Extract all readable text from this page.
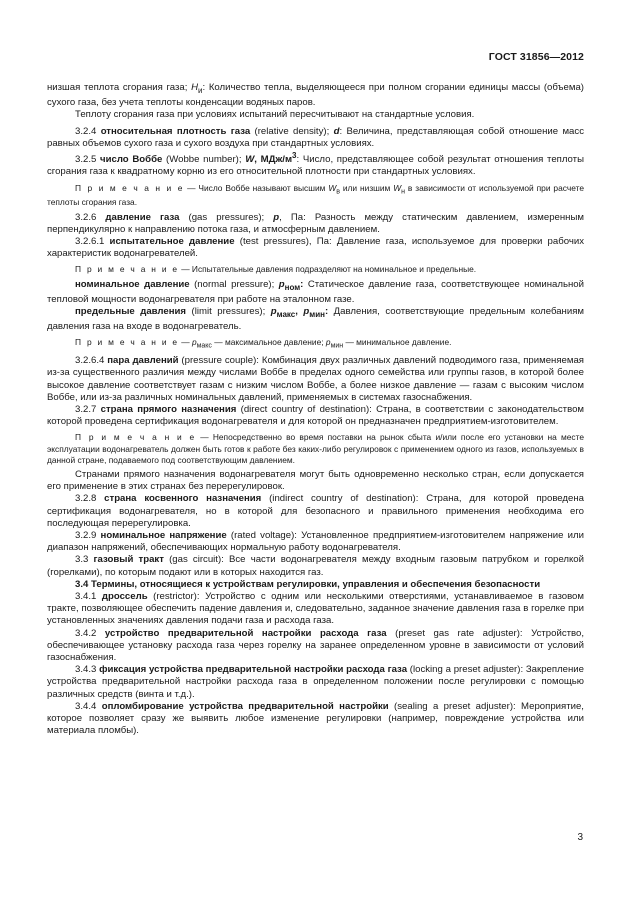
ГОСТ 31856—2012

низшая теплота сгорания газа; $H_и$: Количество тепла, выделяющееся при полном сгорании единицы массы (объема) сухого газа, без учета теплоты конденсации водяных паров.

Теплоту сгорания газа при условиях испытаний пересчитывают на стандартные условия.

3.2.4 относительная плотность газа (relative density); d: Величина, представляющая собой отношение масс равных объемов сухого газа и сухого воздуха при стандартных условиях.

3.2.5 число Воббе (Wobbe number); W, МДж/$м^3$: Число, представляющее собой результат отношения теплоты сгорания газа к квадратному корню из его относительной плотности при стандартных условиях.

П р и м е ч а н и е — Число Воббе называют высшим $W_в$ или низшим $W_н$ в зависимости от используемой при расчете теплоты сгорания газа.

3.2.6 давление газа (gas pressures); p, Па: Разность между статическим давлением, измеренным перпендикулярно к направлению потока газа, и атмосферным давлением.

3.2.6.1 испытательное давление (test pressures), Па: Давление газа, используемое для проверки рабочих характеристик водонагревателей.

П р и м е ч а н и е — Испытательные давления подразделяют на номинальное и предельные.

номинальное давление (normal pressure); $p_{ном}$: Статическое давление газа, соответствующее номинальной тепловой мощности водонагревателя при работе на эталонном газе.

предельные давления (limit pressures); $p_{макс}$, $p_{мин}$: Давления, соответствующие предельным колебаниям давления газа на входе в водонагреватель.

П р и м е ч а н и е — $p_{макс}$ — максимальное давление; $p_{мин}$ — минимальное давление.

3.2.6.4 пара давлений (pressure couple): Комбинация двух различных давлений подводимого газа, применяемая из-за существенного различия между числами Воббе в пределах одного семейства или группы газов, в которой более высокое давление соответствует газам с низким числом Воббе, а более низкое давление — газам с высоким числом Воббе, или из-за различных номинальных давлений, применяемых в системах газоснабжения.

3.2.7 страна прямого назначения (direct country of destination): Страна, в соответствии с законодательством которой проведена сертификация водонагревателя и для которой он предназначен предприятием-изготовителем.

П р и м е ч а н и е — Непосредственно во время поставки на рынок сбыта и/или после его установки на месте эксплуатации водонагреватель должен быть готов к работе без каких-либо регулировок с применением одного из газов, используемых в данной стране, подаваемого под соответствующим давлением.

Странами прямого назначения водонагревателя могут быть одновременно несколько стран, если допускается его применение в этих странах без перерегулировок.

3.2.8 страна косвенного назначения (indirect country of destination): Страна, для которой проведена сертификация водонагревателя, но в которой для безопасного и правильного применения необходима его последующая перерегулировка.

3.2.9 номинальное напряжение (rated voltage): Установленное предприятием-изготовителем напряжение или диапазон напряжений, обеспечивающих нормальную работу водонагревателя.

3.3 газовый тракт (gas circuit): Все части водонагревателя между входным газовым патрубком и горелкой (горелками), по которым подают или в которых находится газ.

3.4 Термины, относящиеся к устройствам регулировки, управления и обеспечения безопасности

3.4.1 дроссель (restrictor): Устройство с одним или несколькими отверстиями, устанавливаемое в газовом тракте, позволяющее обеспечить падение давления и, следовательно, заданное значение давления газа в горелке при установленных значениях давления подачи газа и расхода газа.

3.4.2 устройство предварительной настройки расхода газа (preset gas rate adjuster): Устройство, обеспечивающее установку расхода газа через горелку на заранее определенном уровне в зависимости от условий газоснабжения.

3.4.3 фиксация устройства предварительной настройки расхода газа (locking a preset adjuster): Закрепление устройства предварительной настройки расхода газа в определенном положении после регулировки с помощью различных средств (винта и т.д.).

3.4.4 опломбирование устройства предварительной настройки (sealing a preset adjuster): Мероприятие, которое позволяет сразу же выявить любое изменение регулировки (например, повреждение устройства или материала пломбы).

3
